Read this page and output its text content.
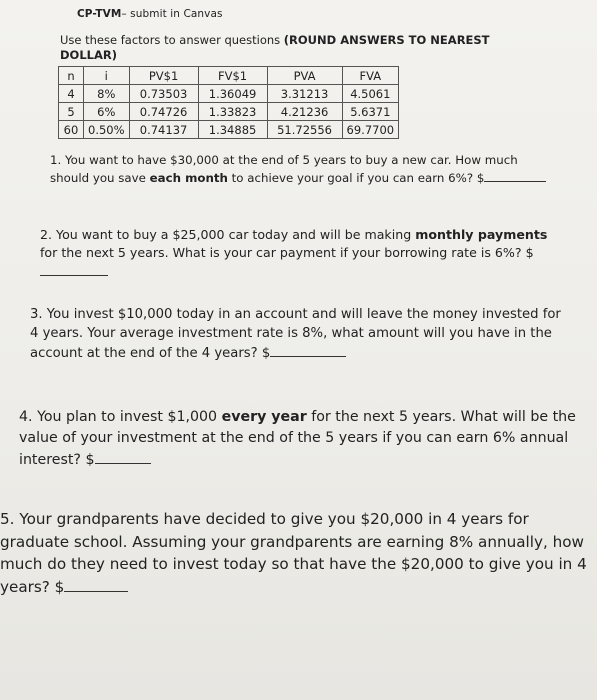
CP-TVM– submit in Canvas
Use these factors to answer questions (ROUND ANSWERS TO NEAREST DOLLAR)
n	i	PV$1	FV$1	PVA	FVA
4	8%	0.73503	1.36049	3.31213	4.5061
5	6%	0.74726	1.33823	4.21236	5.6371
60	0.50%	0.74137	1.34885	51.72556	69.7700
1. You want to have $30,000 at the end of 5 years to buy a new car. How much should you save each month to achieve your goal if you can earn 6%? $
2. You want to buy a $25,000 car today and will be making monthly payments for the next 5 years. What is your car payment if your borrowing rate is 6%? $
3. You invest $10,000 today in an account and will leave the money invested for 4 years. Your average investment rate is 8%, what amount will you have in the account at the end of the 4 years? $
4. You plan to invest $1,000 every year for the next 5 years. What will be the value of your investment at the end of the 5 years if you can earn 6% annual interest? $
5. Your grandparents have decided to give you $20,000 in 4 years for graduate school. Assuming your grandparents are earning 8% annually, how much do they need to invest today so that have the $20,000 to give you in 4 years? $
